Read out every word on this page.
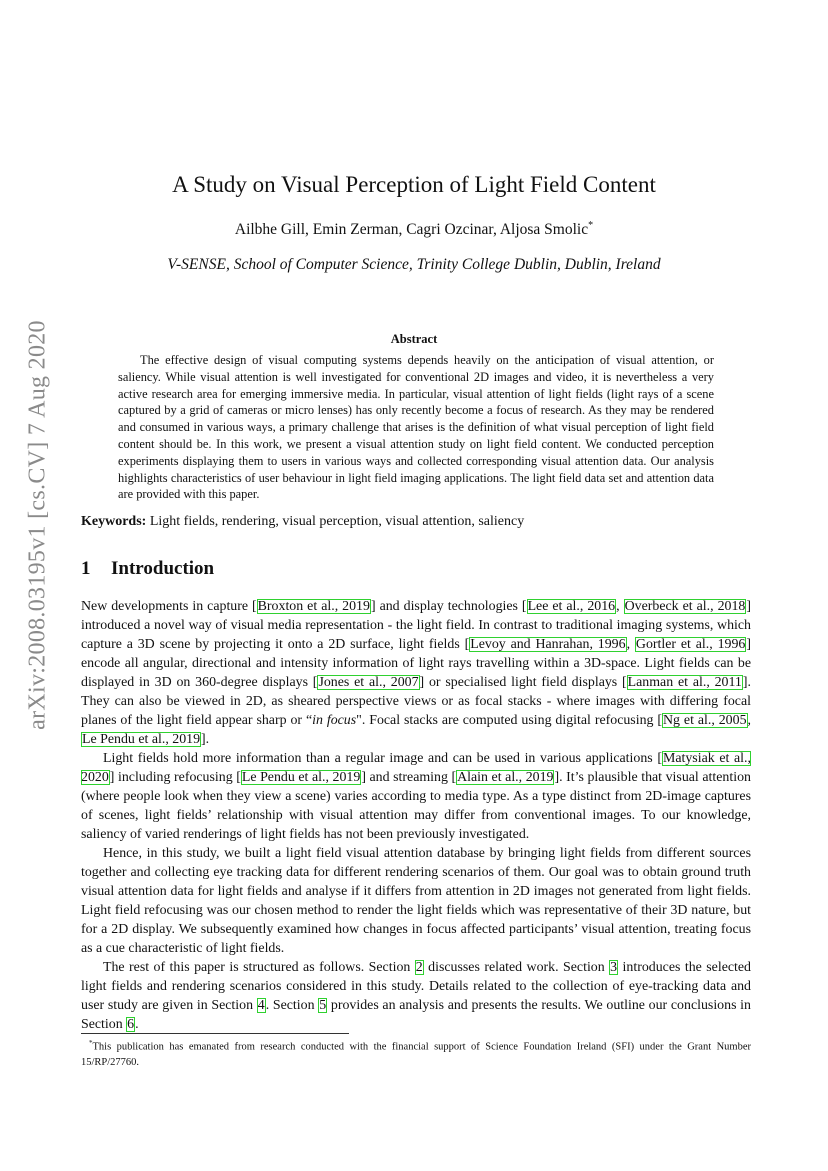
arXiv:2008.03195v1 [cs.CV] 7 Aug 2020
A Study on Visual Perception of Light Field Content
Ailbhe Gill, Emin Zerman, Cagri Ozcinar, Aljosa Smolic*
V-SENSE, School of Computer Science, Trinity College Dublin, Dublin, Ireland
Abstract

The effective design of visual computing systems depends heavily on the anticipation of visual attention, or saliency. While visual attention is well investigated for conventional 2D images and video, it is nevertheless a very active research area for emerging immersive media. In particular, visual attention of light fields (light rays of a scene captured by a grid of cameras or micro lenses) has only recently become a focus of research. As they may be rendered and consumed in various ways, a primary challenge that arises is the definition of what visual perception of light field content should be. In this work, we present a visual attention study on light field content. We conducted perception experiments displaying them to users in various ways and collected corresponding visual attention data. Our analysis highlights characteristics of user behaviour in light field imaging applications. The light field data set and attention data are provided with this paper.

Keywords: Light fields, rendering, visual perception, visual attention, saliency
1 Introduction

New developments in capture [Broxton et al., 2019] and display technologies [Lee et al., 2016, Overbeck et al., 2018] introduced a novel way of visual media representation - the light field. In contrast to traditional imaging systems, which capture a 3D scene by projecting it onto a 2D surface, light fields [Levoy and Hanrahan, 1996, Gortler et al., 1996] encode all angular, directional and intensity information of light rays travelling within a 3D-space. Light fields can be displayed in 3D on 360-degree displays [Jones et al., 2007] or specialised light field displays [Lanman et al., 2011]. They can also be viewed in 2D, as sheared perspective views or as focal stacks - where images with differing focal planes of the light field appear sharp or “in focus". Focal stacks are computed using digital refocusing [Ng et al., 2005, Le Pendu et al., 2019].

Light fields hold more information than a regular image and can be used in various applications [Matysiak et al., 2020] including refocusing [Le Pendu et al., 2019] and streaming [Alain et al., 2019]. It’s plausible that visual attention (where people look when they view a scene) varies according to media type. As a type distinct from 2D-image captures of scenes, light fields’ relationship with visual attention may differ from conventional images. To our knowledge, saliency of varied renderings of light fields has not been previously investigated.

Hence, in this study, we built a light field visual attention database by bringing light fields from different sources together and collecting eye tracking data for different rendering scenarios of them. Our goal was to obtain ground truth visual attention data for light fields and analyse if it differs from attention in 2D images not generated from light fields. Light field refocusing was our chosen method to render the light fields which was representative of their 3D nature, but for a 2D display. We subsequently examined how changes in focus affected participants’ visual attention, treating focus as a cue characteristic of light fields.

The rest of this paper is structured as follows. Section 2 discusses related work. Section 3 introduces the selected light fields and rendering scenarios considered in this study. Details related to the collection of eye-tracking data and user study are given in Section 4. Section 5 provides an analysis and presents the results. We outline our conclusions in Section 6.

*This publication has emanated from research conducted with the financial support of Science Foundation Ireland (SFI) under the Grant Number 15/RP/27760.
